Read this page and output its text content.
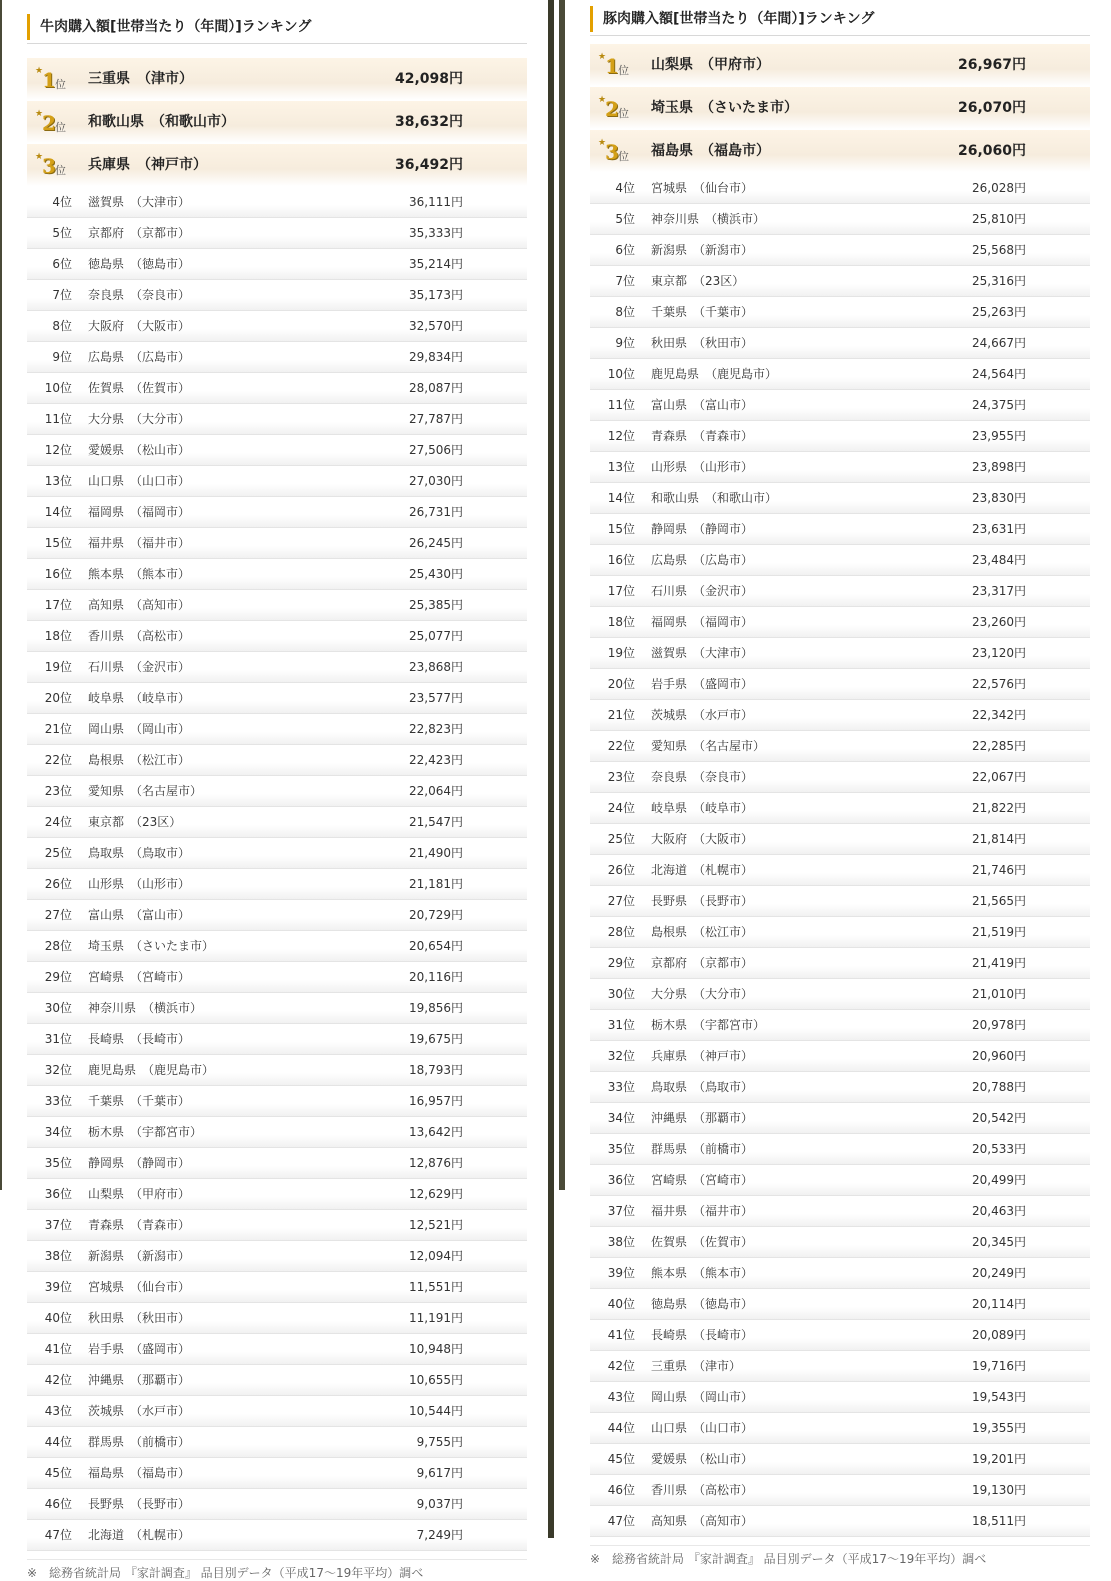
牛肉購入額[世帯当たり（年間）]ランキング
★
1 位 三重県　（津市）	42,098円
★
2 位 和歌山県　（和歌山市）	38,632円
★
3 位 兵庫県　（神戸市）	36,492円
4位 滋賀県　（大津市）	36,111円
5位 京都府　（京都市）	35,333円
6位 徳島県　（徳島市）	35,214円
7位 奈良県　（奈良市）	35,173円
8位 大阪府　（大阪市）	32,570円
9位 広島県　（広島市）	29,834円
10位 佐賀県　（佐賀市）	28,087円
11位 大分県　（大分市）	27,787円
12位 愛媛県　（松山市）	27,506円
13位 山口県　（山口市）	27,030円
14位 福岡県　（福岡市）	26,731円
15位 福井県　（福井市）	26,245円
16位 熊本県　（熊本市）	25,430円
17位 高知県　（高知市）	25,385円
18位 香川県　（高松市）	25,077円
19位 石川県　（金沢市）	23,868円
20位 岐阜県　（岐阜市）	23,577円
21位 岡山県　（岡山市）	22,823円
22位 島根県　（松江市）	22,423円
23位 愛知県　（名古屋市）	22,064円
24位 東京都　（23区）	21,547円
25位 鳥取県　（鳥取市）	21,490円
26位 山形県　（山形市）	21,181円
27位 富山県　（富山市）	20,729円
28位 埼玉県　（さいたま市）	20,654円
29位 宮崎県　（宮崎市）	20,116円
30位 神奈川県　（横浜市）	19,856円
31位 長崎県　（長崎市）	19,675円
32位 鹿児島県　（鹿児島市）	18,793円
33位 千葉県　（千葉市）	16,957円
34位 栃木県　（宇都宮市）	13,642円
35位 静岡県　（静岡市）	12,876円
36位 山梨県　（甲府市）	12,629円
37位 青森県　（青森市）	12,521円
38位 新潟県　（新潟市）	12,094円
39位 宮城県　（仙台市）	11,551円
40位 秋田県　（秋田市）	11,191円
41位 岩手県　（盛岡市）	10,948円
42位 沖縄県　（那覇市）	10,655円
43位 茨城県　（水戸市）	10,544円
44位 群馬県　（前橋市）	9,755円
45位 福島県　（福島市）	9,617円
46位 長野県　（長野市）	9,037円
47位 北海道　（札幌市）	7,249円
※　総務省統計局 『家計調査』 品目別データ（平成17～19年平均）調べ
豚肉購入額[世帯当たり（年間）]ランキング
★
1 位 山梨県　（甲府市）	26,967円
★
2 位 埼玉県　（さいたま市）	26,070円
★
3 位 福島県　（福島市）	26,060円
4位 宮城県　（仙台市）	26,028円
5位 神奈川県　（横浜市）	25,810円
6位 新潟県　（新潟市）	25,568円
7位 東京都　（23区）	25,316円
8位 千葉県　（千葉市）	25,263円
9位 秋田県　（秋田市）	24,667円
10位 鹿児島県　（鹿児島市）	24,564円
11位 富山県　（富山市）	24,375円
12位 青森県　（青森市）	23,955円
13位 山形県　（山形市）	23,898円
14位 和歌山県　（和歌山市）	23,830円
15位 静岡県　（静岡市）	23,631円
16位 広島県　（広島市）	23,484円
17位 石川県　（金沢市）	23,317円
18位 福岡県　（福岡市）	23,260円
19位 滋賀県　（大津市）	23,120円
20位 岩手県　（盛岡市）	22,576円
21位 茨城県　（水戸市）	22,342円
22位 愛知県　（名古屋市）	22,285円
23位 奈良県　（奈良市）	22,067円
24位 岐阜県　（岐阜市）	21,822円
25位 大阪府　（大阪市）	21,814円
26位 北海道　（札幌市）	21,746円
27位 長野県　（長野市）	21,565円
28位 島根県　（松江市）	21,519円
29位 京都府　（京都市）	21,419円
30位 大分県　（大分市）	21,010円
31位 栃木県　（宇都宮市）	20,978円
32位 兵庫県　（神戸市）	20,960円
33位 鳥取県　（鳥取市）	20,788円
34位 沖縄県　（那覇市）	20,542円
35位 群馬県　（前橋市）	20,533円
36位 宮崎県　（宮崎市）	20,499円
37位 福井県　（福井市）	20,463円
38位 佐賀県　（佐賀市）	20,345円
39位 熊本県　（熊本市）	20,249円
40位 徳島県　（徳島市）	20,114円
41位 長崎県　（長崎市）	20,089円
42位 三重県　（津市）	19,716円
43位 岡山県　（岡山市）	19,543円
44位 山口県　（山口市）	19,355円
45位 愛媛県　（松山市）	19,201円
46位 香川県　（高松市）	19,130円
47位 高知県　（高知市）	18,511円
※　総務省統計局 『家計調査』 品目別データ（平成17～19年平均）調べ
